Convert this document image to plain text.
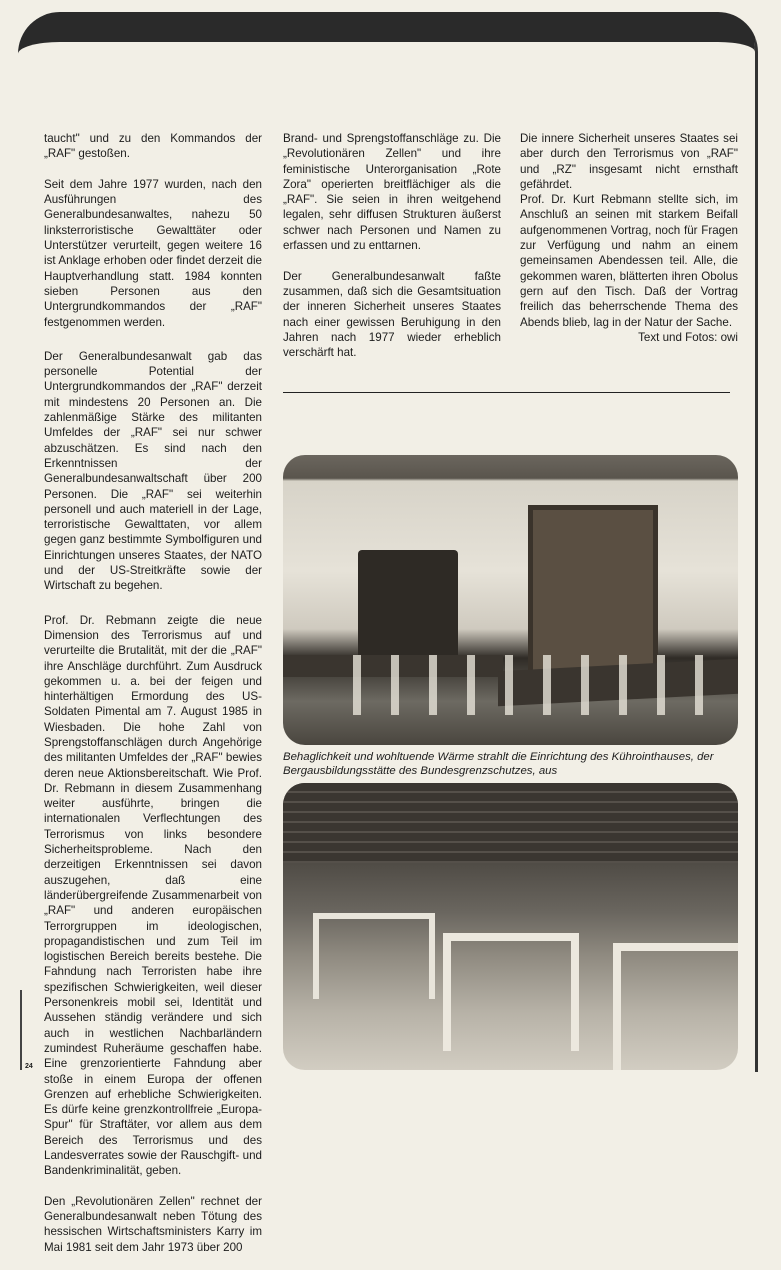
taucht" und zu den Kommandos der „RAF" gestoßen.

Seit dem Jahre 1977 wurden, nach den Ausführungen des Generalbundesanwaltes, nahezu 50 linksterroristische Gewalttäter oder Unterstützer verurteilt, gegen weitere 16 ist Anklage erhoben oder findet derzeit die Hauptverhandlung statt. 1984 konnten sieben Personen aus den Untergrundkommandos der „RAF" festgenommen werden.

Der Generalbundesanwalt gab das personelle Potential der Untergrundkommandos der „RAF" derzeit mit mindestens 20 Personen an. Die zahlenmäßige Stärke des militanten Umfeldes der „RAF" sei nur schwer abzuschätzen. Es sind nach den Erkenntnissen der Generalbundesanwaltschaft über 200 Personen. Die „RAF" sei weiterhin personell und auch materiell in der Lage, terroristische Gewalttaten, vor allem gegen ganz bestimmte Symbolfiguren und Einrichtungen unseres Staates, der NATO und der US-Streitkräfte sowie der Wirtschaft zu begehen.

Prof. Dr. Rebmann zeigte die neue Dimension des Terrorismus auf und verurteilte die Brutalität, mit der die „RAF" ihre Anschläge durchführt. Zum Ausdruck gekommen u. a. bei der feigen und hinterhältigen Ermordung des US-Soldaten Pimental am 7. August 1985 in Wiesbaden. Die hohe Zahl von Sprengstoffanschlägen durch Angehörige des militanten Umfeldes der „RAF" bewies deren neue Aktionsbereitschaft. Wie Prof. Dr. Rebmann in diesem Zusammenhang weiter ausführte, bringen die internationalen Verflechtungen des Terrorismus von links besondere Sicherheitsprobleme. Nach den derzeitigen Erkenntnissen sei davon auszugehen, daß eine länderübergreifende Zusammenarbeit von „RAF" und anderen europäischen Terrorgruppen im ideologischen, propagandistischen und zum Teil im logistischen Bereich bereits bestehe. Die Fahndung nach Terroristen habe ihre spezifischen Schwierigkeiten, weil dieser Personenkreis mobil sei, Identität und Aussehen ständig verändere und sich auch in westlichen Nachbarländern zumindest Ruheräume geschaffen habe. Eine grenzorientierte Fahndung aber stoße in einem Europa der offenen Grenzen auf erhebliche Schwierigkeiten. Es dürfe keine grenzkontrollfreie „Europa-Spur" für Straftäter, vor allem aus dem Bereich des Terrorismus und des Landesverrates sowie der Rauschgift- und Bandenkriminalität, geben.

Den „Revolutionären Zellen" rechnet der Generalbundesanwalt neben Tötung des hessischen Wirtschaftsministers Karry im Mai 1981 seit dem Jahr 1973 über 200

Brand- und Sprengstoffanschläge zu. Die „Revolutionären Zellen" und ihre feministische Unterorganisation „Rote Zora" operierten breitflächiger als die „RAF". Sie seien in ihren weitgehend legalen, sehr diffusen Strukturen äußerst schwer nach Personen und Namen zu erfassen und zu enttarnen.

Der Generalbundesanwalt faßte zusammen, daß sich die Gesamtsituation der inneren Sicherheit unseres Staates nach einer gewissen Beruhigung in den Jahren nach 1977 wieder erheblich verschärft hat.

Die innere Sicherheit unseres Staates sei aber durch den Terrorismus von „RAF" und „RZ" insgesamt nicht ernsthaft gefährdet.

Prof. Dr. Kurt Rebmann stellte sich, im Anschluß an seinen mit starkem Beifall aufgenommenen Vortrag, noch für Fragen zur Verfügung und nahm an einem gemeinsamen Abendessen teil. Alle, die gekommen waren, blätterten ihren Obolus gern auf den Tisch. Daß der Vortrag freilich das beherrschende Thema des Abends blieb, lag in der Natur der Sache.

Text und Fotos: owi
Behaglichkeit und wohltuende Wärme strahlt die Einrichtung des Kührointhauses, der Bergausbildungsstätte des Bundesgrenzschutzes, aus
24
